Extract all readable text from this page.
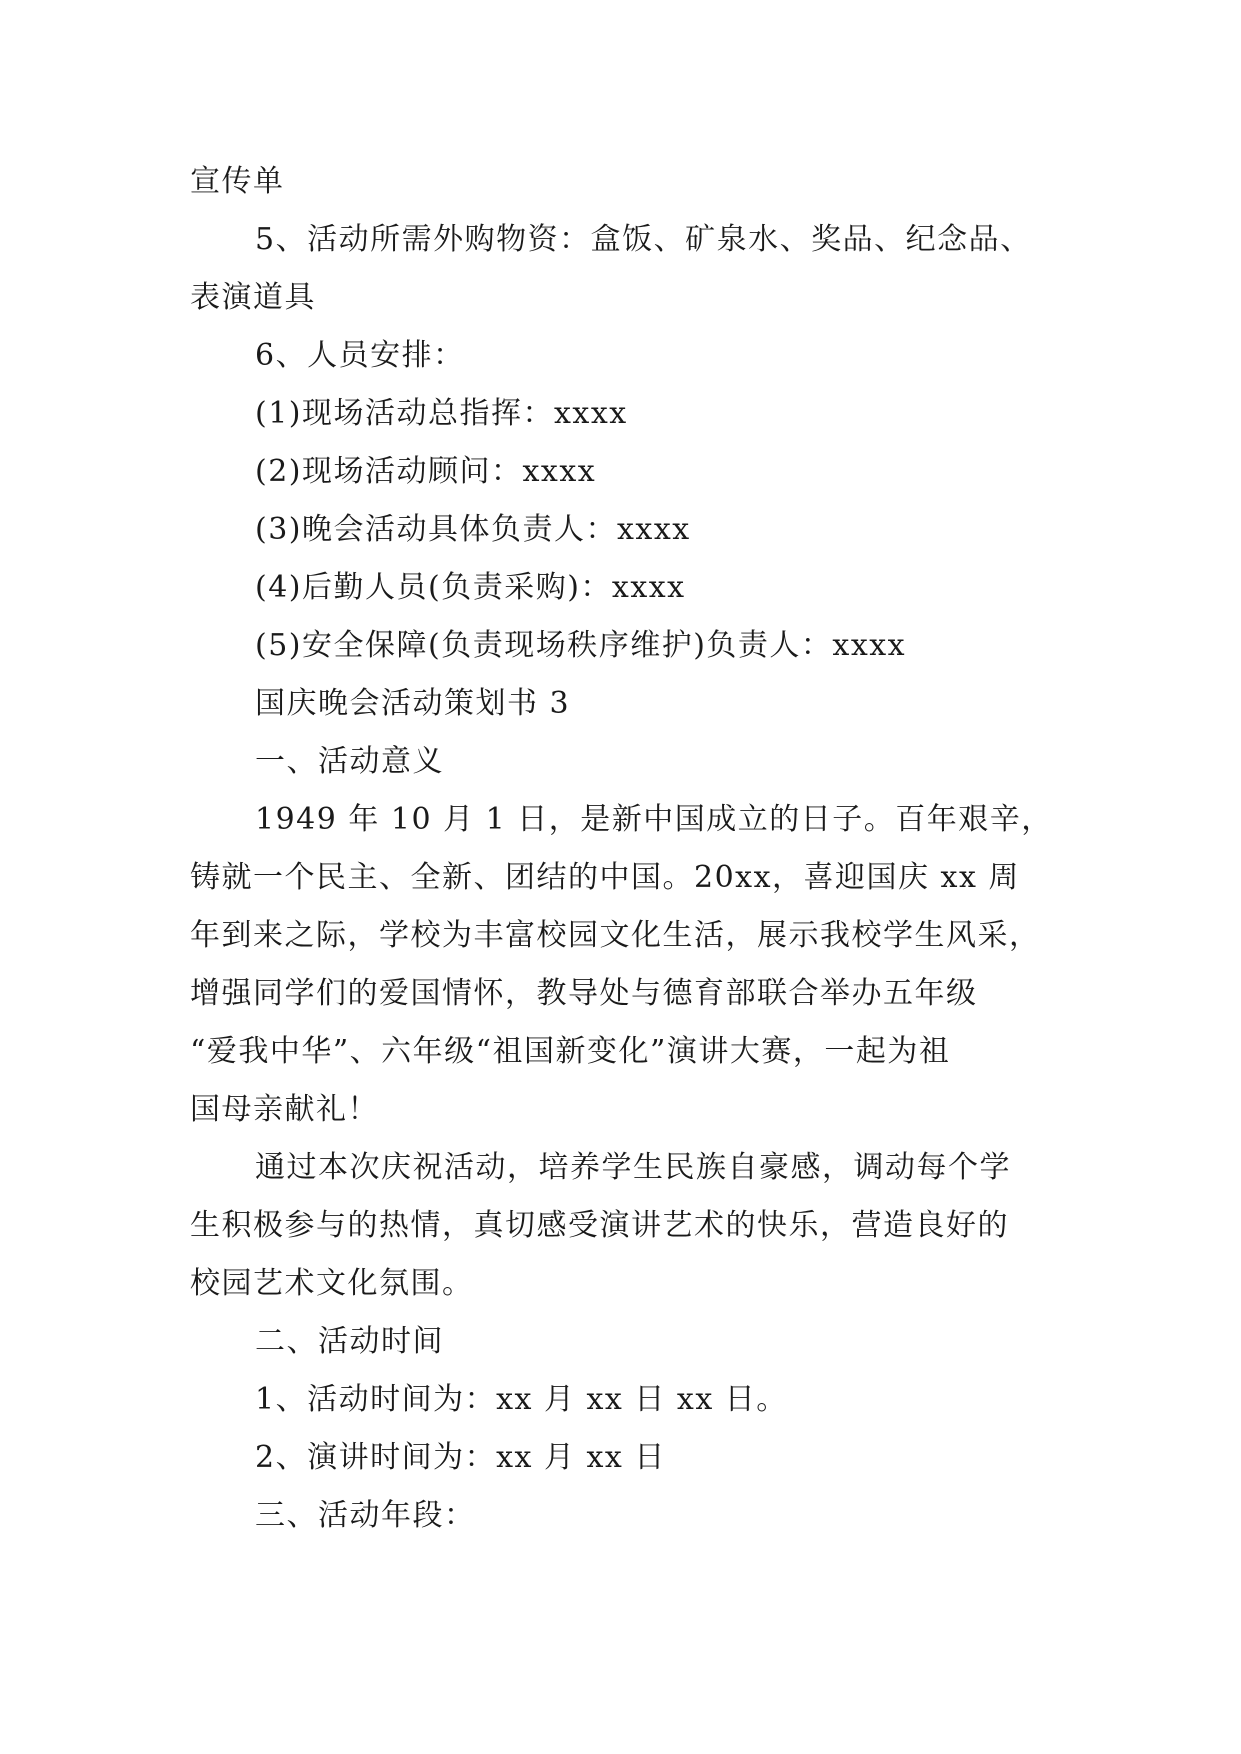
宣传单
5、活动所需外购物资：盒饭、矿泉水、奖品、纪念品、
表演道具
6、人员安排：
(1)现场活动总指挥：xxxx
(2)现场活动顾问：xxxx
(3)晚会活动具体负责人：xxxx
(4)后勤人员(负责采购)：xxxx
(5)安全保障(负责现场秩序维护)负责人：xxxx
国庆晚会活动策划书 3
一、活动意义
1949 年 10 月 1 日，是新中国成立的日子。百年艰辛，
铸就一个民主、全新、团结的中国。20xx，喜迎国庆 xx 周
年到来之际，学校为丰富校园文化生活，展示我校学生风采，
增强同学们的爱国情怀，教导处与德育部联合举办五年级
“爱我中华”、六年级“祖国新变化”演讲大赛，一起为祖
国母亲献礼！
通过本次庆祝活动，培养学生民族自豪感，调动每个学
生积极参与的热情，真切感受演讲艺术的快乐，营造良好的
校园艺术文化氛围。
二、活动时间
1、活动时间为：xx 月 xx 日 xx 日。
2、演讲时间为：xx 月 xx 日
三、活动年段：
